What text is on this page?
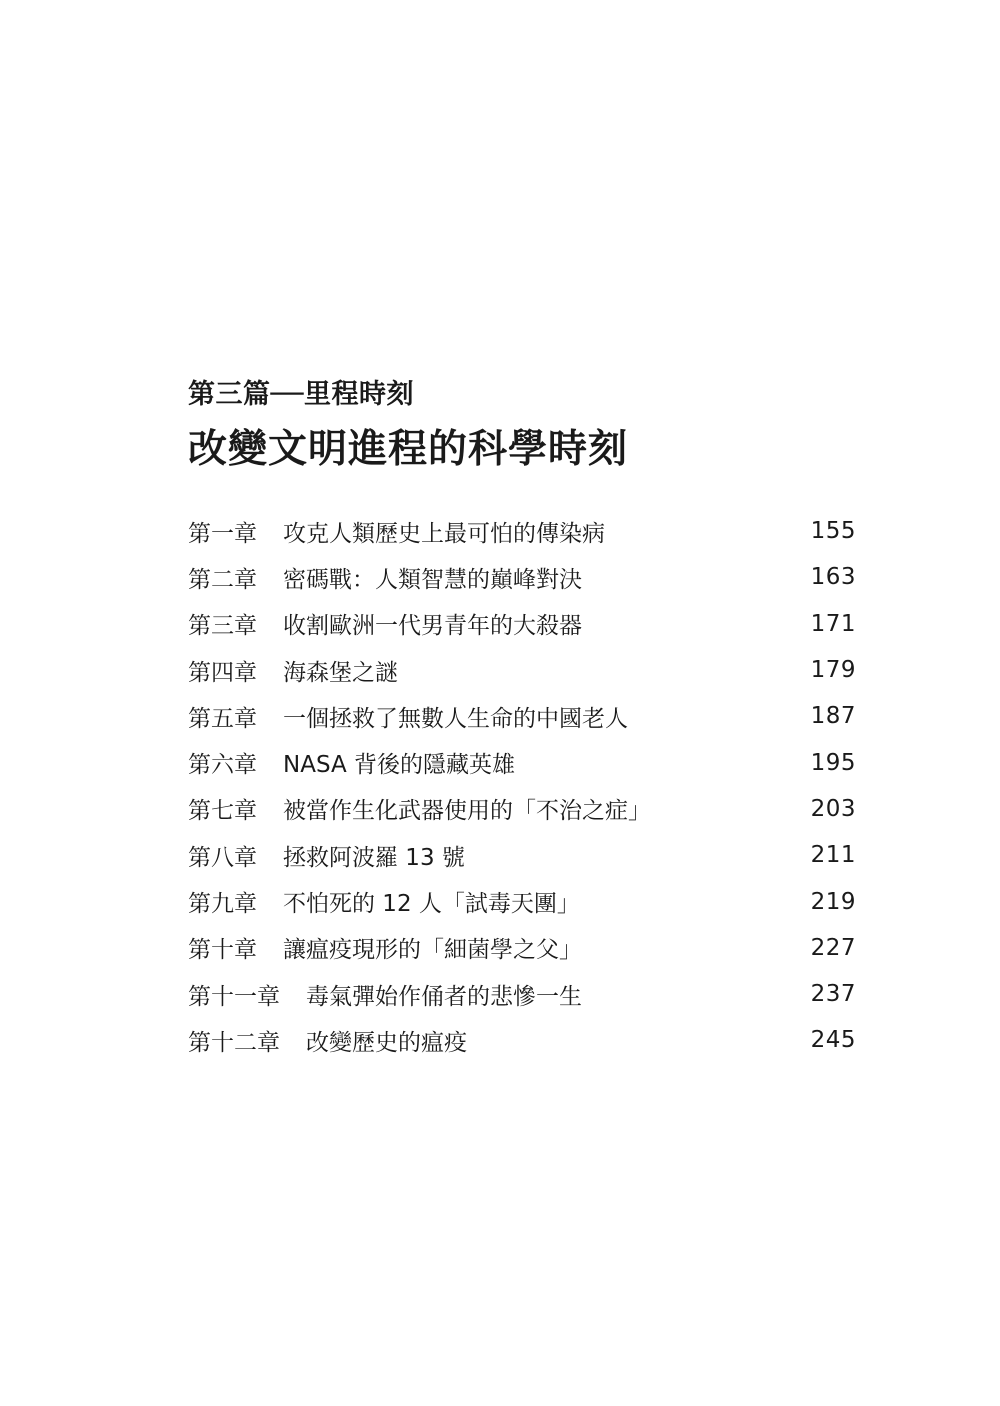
第三篇──里程時刻
改變文明進程的科學時刻
第一章	攻克人類歷史上最可怕的傳染病	155
第二章	密碼戰：人類智慧的巔峰對決	163
第三章	收割歐洲一代男青年的大殺器	171
第四章	海森堡之謎	179
第五章	一個拯救了無數人生命的中國老人	187
第六章	NASA 背後的隱藏英雄	195
第七章	被當作生化武器使用的「不治之症」	203
第八章	拯救阿波羅 13 號	211
第九章	不怕死的 12 人「試毒天團」	219
第十章	讓瘟疫現形的「細菌學之父」	227
第十一章	毒氣彈始作俑者的悲慘一生	237
第十二章	改變歷史的瘟疫	245
